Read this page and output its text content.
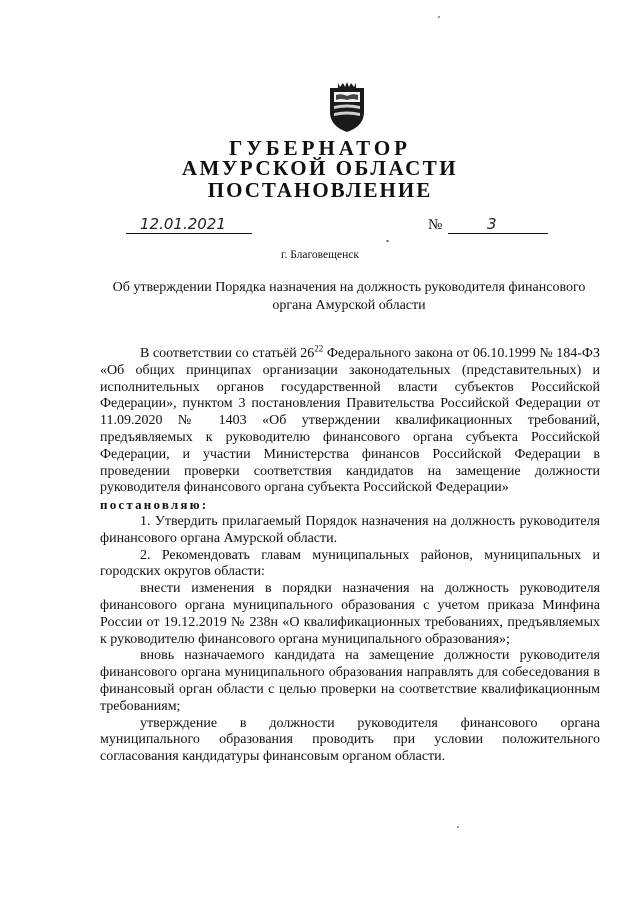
ГУБЕРНАТОР
АМУРСКОЙ ОБЛАСТИ
ПОСТАНОВЛЕНИЕ
12.01.2021	№	3
г. Благовещенск
Об утверждении Порядка назначения на должность руководителя финансового органа Амурской области

В соответствии со статьёй $26^{22}$ Федерального закона от 06.10.1999 № 184-ФЗ «Об общих принципах организации законодательных (представительных) и исполнительных органов государственной власти субъектов Российской Федерации», пунктом 3 постановления Правительства Российской Федерации от 11.09.2020 № 1403 «Об утверждении квалификационных требований, предъявляемых к руководителю финансового органа субъекта Российской Федерации, и участии Министерства финансов Российской Федерации в проведении проверки соответствия кандидатов на замещение должности руководителя финансового органа субъекта Российской Федерации»

постановляю:

1. Утвердить прилагаемый Порядок назначения на должность руководителя финансового органа Амурской области.

2. Рекомендовать главам муниципальных районов, муниципальных и городских округов области:

внести изменения в порядки назначения на должность руководителя финансового органа муниципального образования с учетом приказа Минфина России от 19.12.2019 № 238н «О квалификационных требованиях, предъявляемых к руководителю финансового органа муниципального образования»;

вновь назначаемого кандидата на замещение должности руководителя финансового органа муниципального образования направлять для собеседования в финансовый орган области с целью проверки на соответствие квалификационным требованиям;

утверждение в должности руководителя финансового органа муниципального образования проводить при условии положительного согласования кандидатуры финансовым органом области.
